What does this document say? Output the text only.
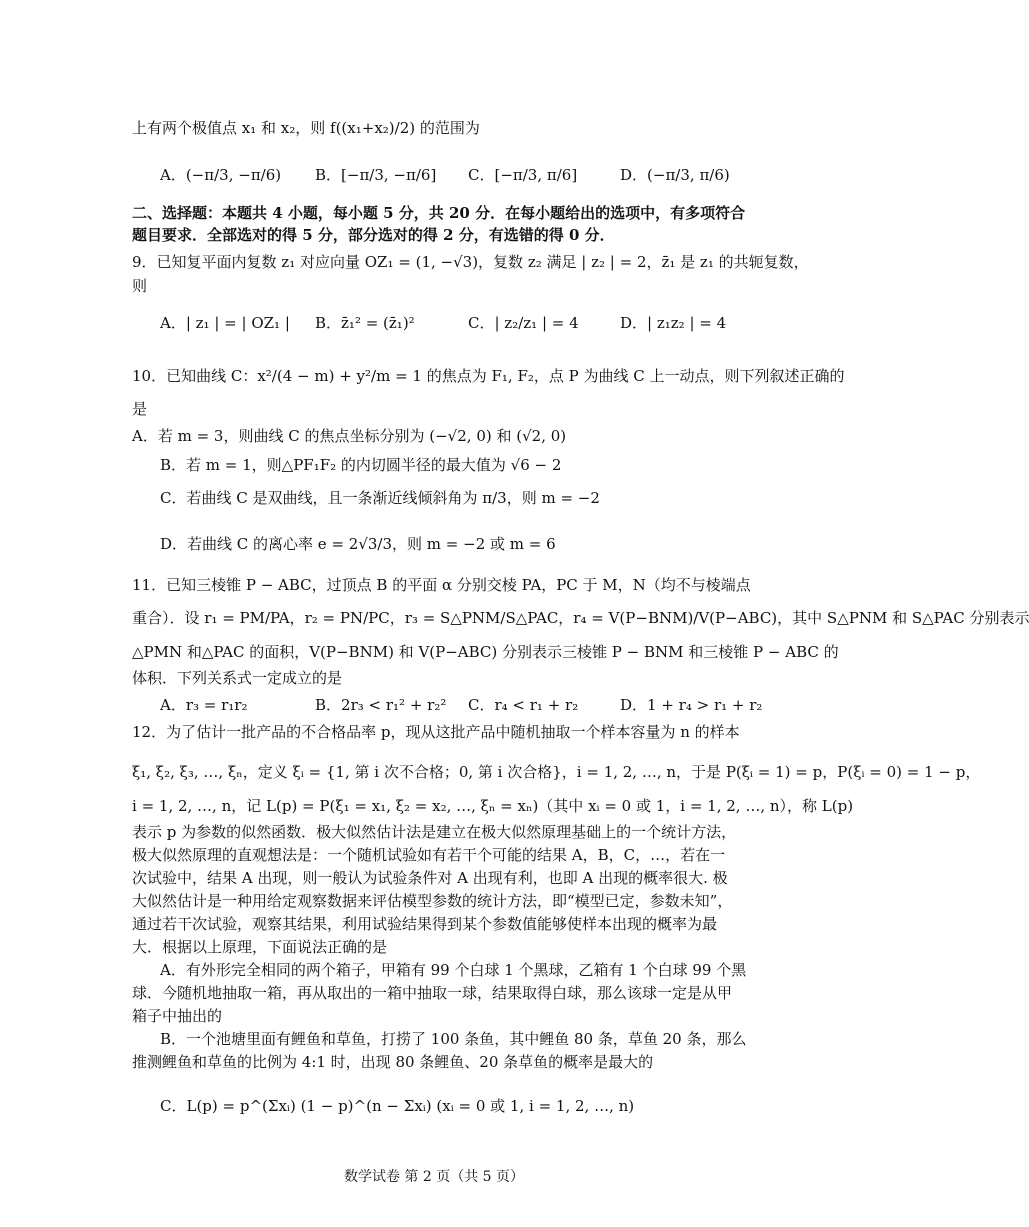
上有两个极值点 x₁ 和 x₂，则 f((x₁+x₂)/2) 的范围为
A．(−π/3, −π/6) B．[−π/3, −π/6] C．[−π/3, π/6]	D．(−π/3, π/6)
二、选择题：本题共 4 小题，每小题 5 分，共 20 分．在每小题给出的选项中，有多项符合
题目要求．全部选对的得 5 分，部分选对的得 2 分，有选错的得 0 分．
9．已知复平面内复数 z₁ 对应向量 OZ₁ = (1, −√3)，复数 z₂ 满足 | z₂ | = 2，z̄₁ 是 z₁ 的共轭复数，
则
A．| z₁ | = | OZ₁ | B．z̄₁² = (z̄₁)²	C．| z₂/z₁ | = 4	D．| z₁z₂ | = 4
10．已知曲线 C：x²/(4 − m) + y²/m = 1 的焦点为 F₁, F₂，点 P 为曲线 C 上一动点，则下列叙述正确的
是
A．若 m = 3，则曲线 C 的焦点坐标分别为 (−√2, 0) 和 (√2, 0)
B．若 m = 1，则△PF₁F₂ 的内切圆半径的最大值为 √6 − 2
C．若曲线 C 是双曲线，且一条渐近线倾斜角为 π/3，则 m = −2
D．若曲线 C 的离心率 e = 2√3/3，则 m = −2 或 m = 6
11．已知三棱锥 P − ABC，过顶点 B 的平面 α 分别交棱 PA，PC 于 M，N（均不与棱端点
重合）．设 r₁ = PM/PA，r₂ = PN/PC，r₃ = S△PNM/S△PAC，r₄ = V(P−BNM)/V(P−ABC)，其中 S△PNM 和 S△PAC 分别表示
△PMN 和△PAC 的面积，V(P−BNM) 和 V(P−ABC) 分别表示三棱锥 P − BNM 和三棱锥 P − ABC 的
体积．下列关系式一定成立的是
A．r₃ = r₁r₂	B．2r₃ < r₁² + r₂² C．r₄ < r₁ + r₂	D．1 + r₄ > r₁ + r₂
12．为了估计一批产品的不合格品率 p，现从这批产品中随机抽取一个样本容量为 n 的样本
ξ₁, ξ₂, ξ₃, …, ξₙ，定义 ξᵢ = {1, 第 i 次不合格；0, 第 i 次合格}，i = 1, 2, …, n，于是 P(ξᵢ = 1) = p，P(ξᵢ = 0) = 1 − p，
i = 1, 2, …, n，记 L(p) = P(ξ₁ = x₁, ξ₂ = x₂, …, ξₙ = xₙ)（其中 xᵢ = 0 或 1，i = 1, 2, …, n），称 L(p)
表示 p 为参数的似然函数．极大似然估计法是建立在极大似然原理基础上的一个统计方法，
极大似然原理的直观想法是：一个随机试验如有若干个可能的结果 A，B，C，…，若在一
次试验中，结果 A 出现，则一般认为试验条件对 A 出现有利，也即 A 出现的概率很大. 极
大似然估计是一种用给定观察数据来评估模型参数的统计方法，即“模型已定，参数未知”，
通过若干次试验，观察其结果，利用试验结果得到某个参数值能够使样本出现的概率为最
大．根据以上原理，下面说法正确的是
A．有外形完全相同的两个箱子，甲箱有 99 个白球 1 个黑球，乙箱有 1 个白球 99 个黑
球．今随机地抽取一箱，再从取出的一箱中抽取一球，结果取得白球，那么该球一定是从甲
箱子中抽出的
B．一个池塘里面有鲤鱼和草鱼，打捞了 100 条鱼，其中鲤鱼 80 条，草鱼 20 条，那么
推测鲤鱼和草鱼的比例为 4:1 时，出现 80 条鲤鱼、20 条草鱼的概率是最大的
C．L(p) = p^(Σxᵢ) (1 − p)^(n − Σxᵢ) (xᵢ = 0 或 1, i = 1, 2, …, n)
数学试卷 第 2 页（共 5 页）
